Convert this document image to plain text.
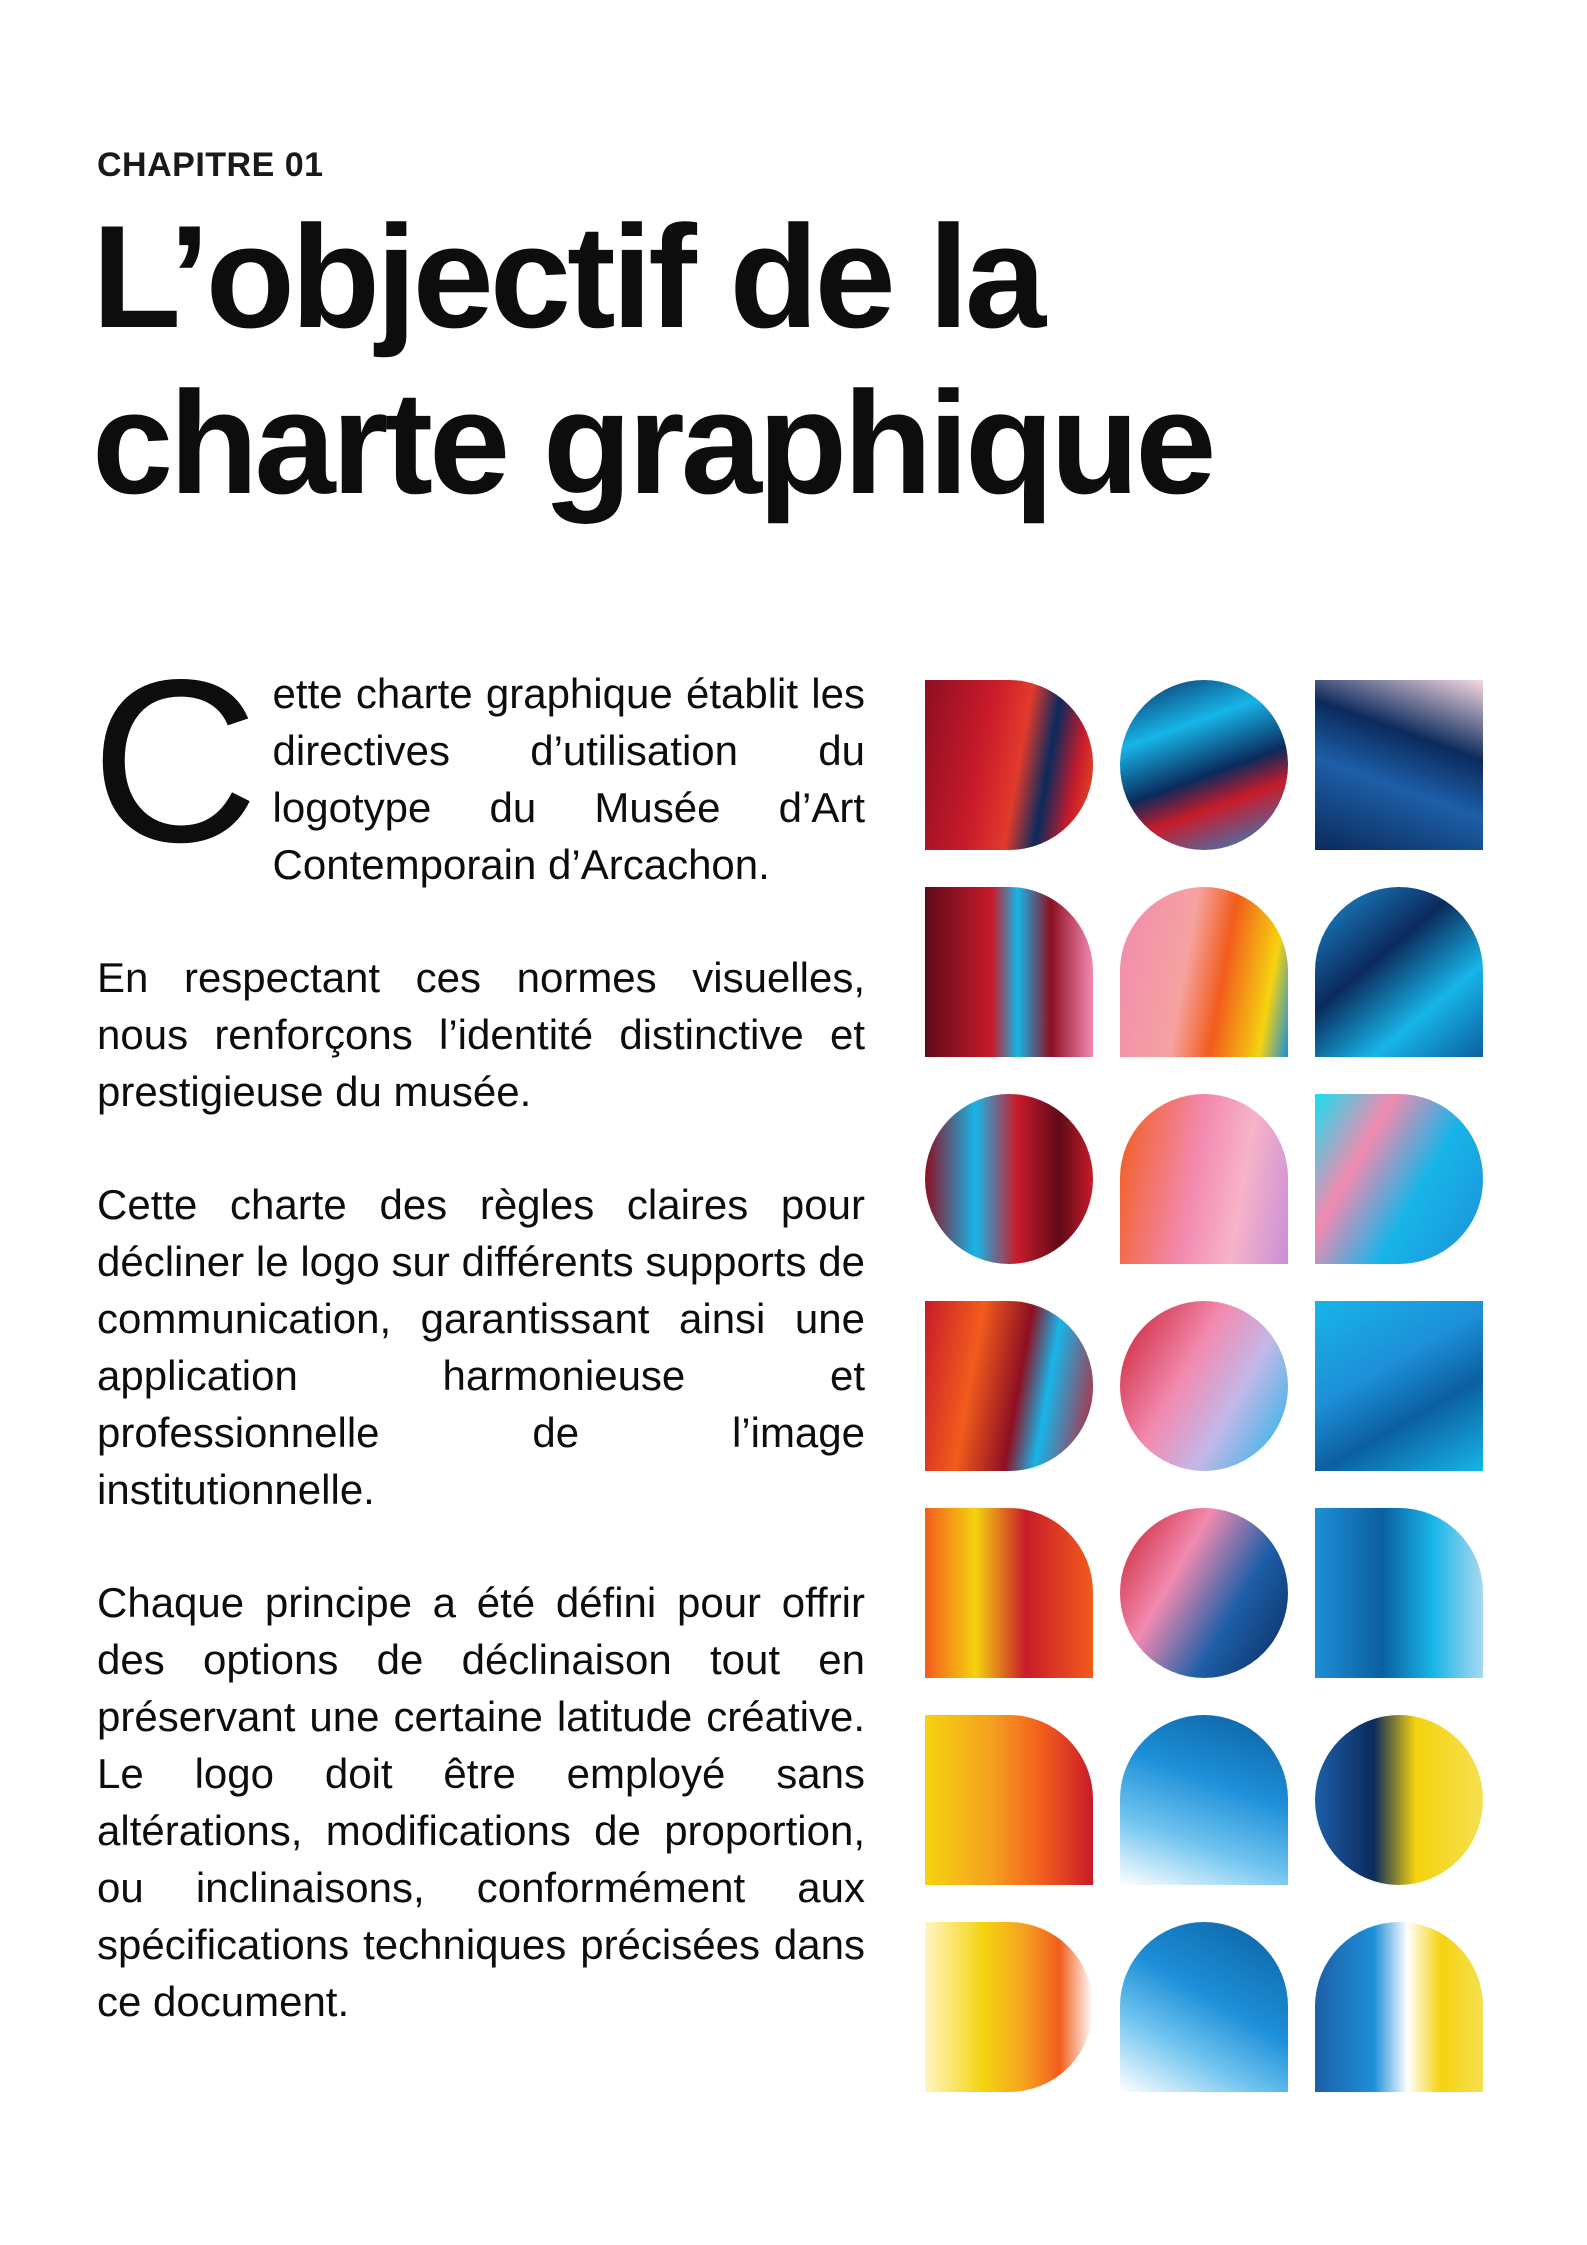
CHAPITRE 01
L’objectif de la
charte graphique

C ette charte graphique établit les directives d’utilisation du logotype du Musée d’Art Contemporain d’Arcachon.

En respectant ces normes visuelles, nous renforçons l’identité distinctive et prestigieuse du musée.

Cette charte des règles claires pour décliner le logo sur différents supports de communication, garantissant ainsi une application harmonieuse et professionnelle de l’image institutionnelle.

Chaque principe a été défini pour offrir des options de déclinaison tout en préservant une certaine latitude créative. Le logo doit être employé sans altérations, modifications de proportion, ou inclinaisons, conformément aux spécifications techniques précisées dans ce document.
